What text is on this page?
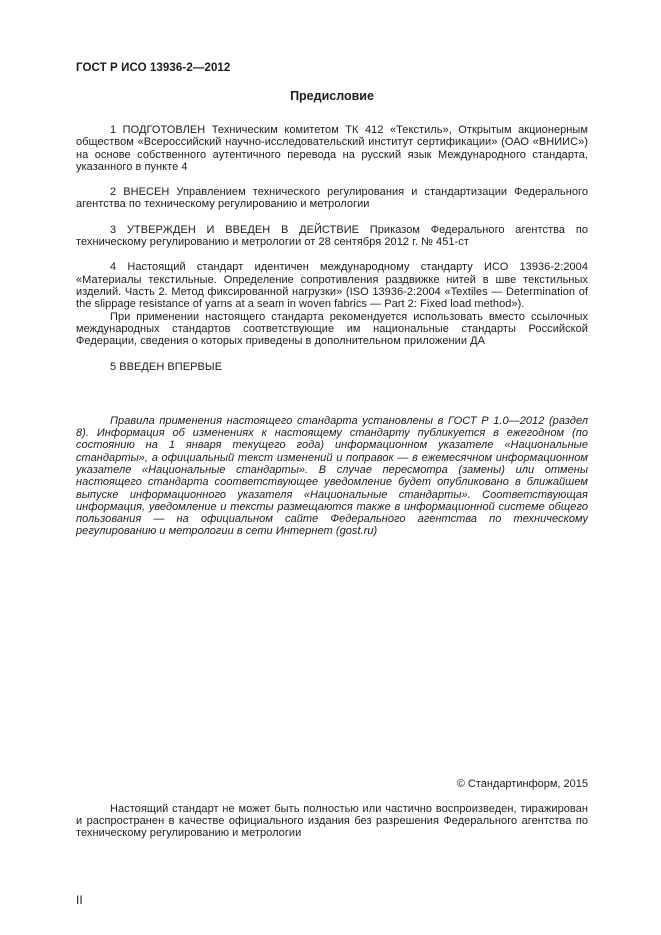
ГОСТ Р ИСО 13936-2—2012
Предисловие

1 ПОДГОТОВЛЕН Техническим комитетом ТК 412 «Текстиль», Открытым акционерным обществом «Всероссийский научно-исследовательский институт сертификации» (ОАО «ВНИИС») на основе собственного аутентичного перевода на русский язык Международного стандарта, указанного в пункте 4

2 ВНЕСЕН Управлением технического регулирования и стандартизации Федерального агентства по техническому регулированию и метрологии

3 УТВЕРЖДЕН И ВВЕДЕН В ДЕЙСТВИЕ Приказом Федерального агентства по техническому регулированию и метрологии от 28 сентября 2012 г. № 451-ст

4 Настоящий стандарт идентичен международному стандарту ИСО 13936-2:2004 «Материалы текстильные. Определение сопротивления раздвижке нитей в шве текстильных изделий. Часть 2. Метод фиксированной нагрузки» (ISO 13936-2:2004 «Textiles — Determination of the slippage resistance of yarns at a seam in woven fabrics — Part 2: Fixed load method»).

При применении настоящего стандарта рекомендуется использовать вместо ссылочных международных стандартов соответствующие им национальные стандарты Российской Федерации, сведения о которых приведены в дополнительном приложении ДА

5 ВВЕДЕН ВПЕРВЫЕ

Правила применения настоящего стандарта установлены в ГОСТ Р 1.0—2012 (раздел 8). Информация об изменениях к настоящему стандарту публикуется в ежегодном (по состоянию на 1 января текущего года) информационном указателе «Национальные стандарты», а официальный текст изменений и поправок — в ежемесячном информационном указателе «Национальные стандарты». В случае пересмотра (замены) или отмены настоящего стандарта соответствующее уведомление будет опубликовано в ближайшем выпуске информационного указателя «Национальные стандарты». Соответствующая информация, уведомление и тексты размещаются также в информационной системе общего пользования — на официальном сайте Федерального агентства по техническому регулированию и метрологии в сети Интернет (gost.ru)

© Стандартинформ, 2015

Настоящий стандарт не может быть полностью или частично воспроизведен, тиражирован и распространен в качестве официального издания без разрешения Федерального агентства по техническому регулированию и метрологии

II
